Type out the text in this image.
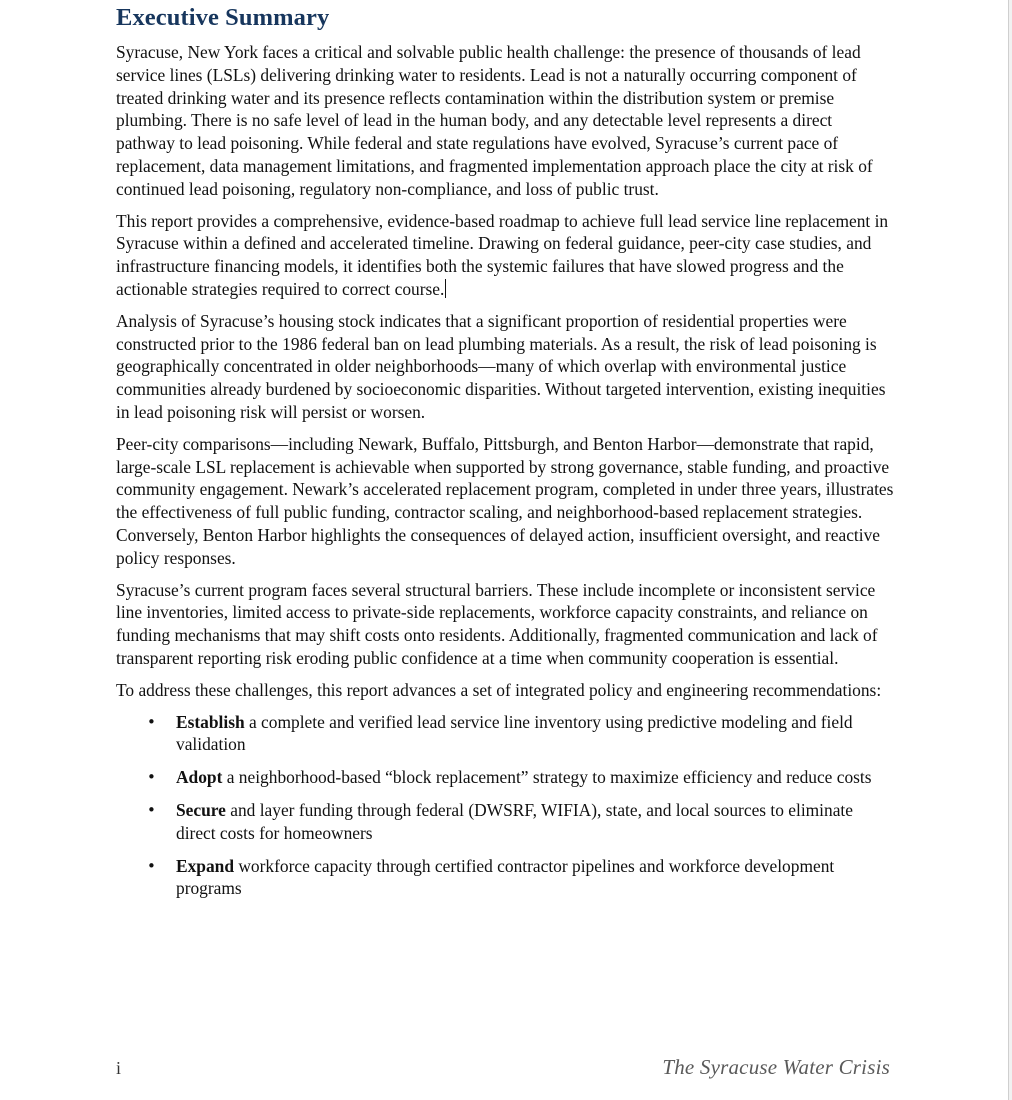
Executive Summary

Syracuse, New York faces a critical and solvable public health challenge: the presence of thousands of lead service lines (LSLs) delivering drinking water to residents. Lead is not a naturally occurring component of treated drinking water and its presence reflects contamination within the distribution system or premise plumbing. There is no safe level of lead in the human body, and any detectable level represents a direct pathway to lead poisoning. While federal and state regulations have evolved, Syracuse’s current pace of replacement, data management limitations, and fragmented implementation approach place the city at risk of continued lead poisoning, regulatory non-compliance, and loss of public trust.

This report provides a comprehensive, evidence-based roadmap to achieve full lead service line replacement in Syracuse within a defined and accelerated timeline. Drawing on federal guidance, peer-city case studies, and infrastructure financing models, it identifies both the systemic failures that have slowed progress and the actionable strategies required to correct course.

Analysis of Syracuse’s housing stock indicates that a significant proportion of residential properties were constructed prior to the 1986 federal ban on lead plumbing materials. As a result, the risk of lead poisoning is geographically concentrated in older neighborhoods—many of which overlap with environmental justice communities already burdened by socioeconomic disparities. Without targeted intervention, existing inequities in lead poisoning risk will persist or worsen.

Peer-city comparisons—including Newark, Buffalo, Pittsburgh, and Benton Harbor—demonstrate that rapid, large-scale LSL replacement is achievable when supported by strong governance, stable funding, and proactive community engagement. Newark’s accelerated replacement program, completed in under three years, illustrates the effectiveness of full public funding, contractor scaling, and neighborhood-based replacement strategies. Conversely, Benton Harbor highlights the consequences of delayed action, insufficient oversight, and reactive policy responses.

Syracuse’s current program faces several structural barriers. These include incomplete or inconsistent service line inventories, limited access to private-side replacements, workforce capacity constraints, and reliance on funding mechanisms that may shift costs onto residents. Additionally, fragmented communication and lack of transparent reporting risk eroding public confidence at a time when community cooperation is essential.

To address these challenges, this report advances a set of integrated policy and engineering recommendations:

• Establish a complete and verified lead service line inventory using predictive modeling and field validation
• Adopt a neighborhood-based “block replacement” strategy to maximize efficiency and reduce costs
• Secure and layer funding through federal (DWSRF, WIFIA), state, and local sources to eliminate direct costs for homeowners
• Expand workforce capacity through certified contractor pipelines and workforce development programs
i	The Syracuse Water Crisis
